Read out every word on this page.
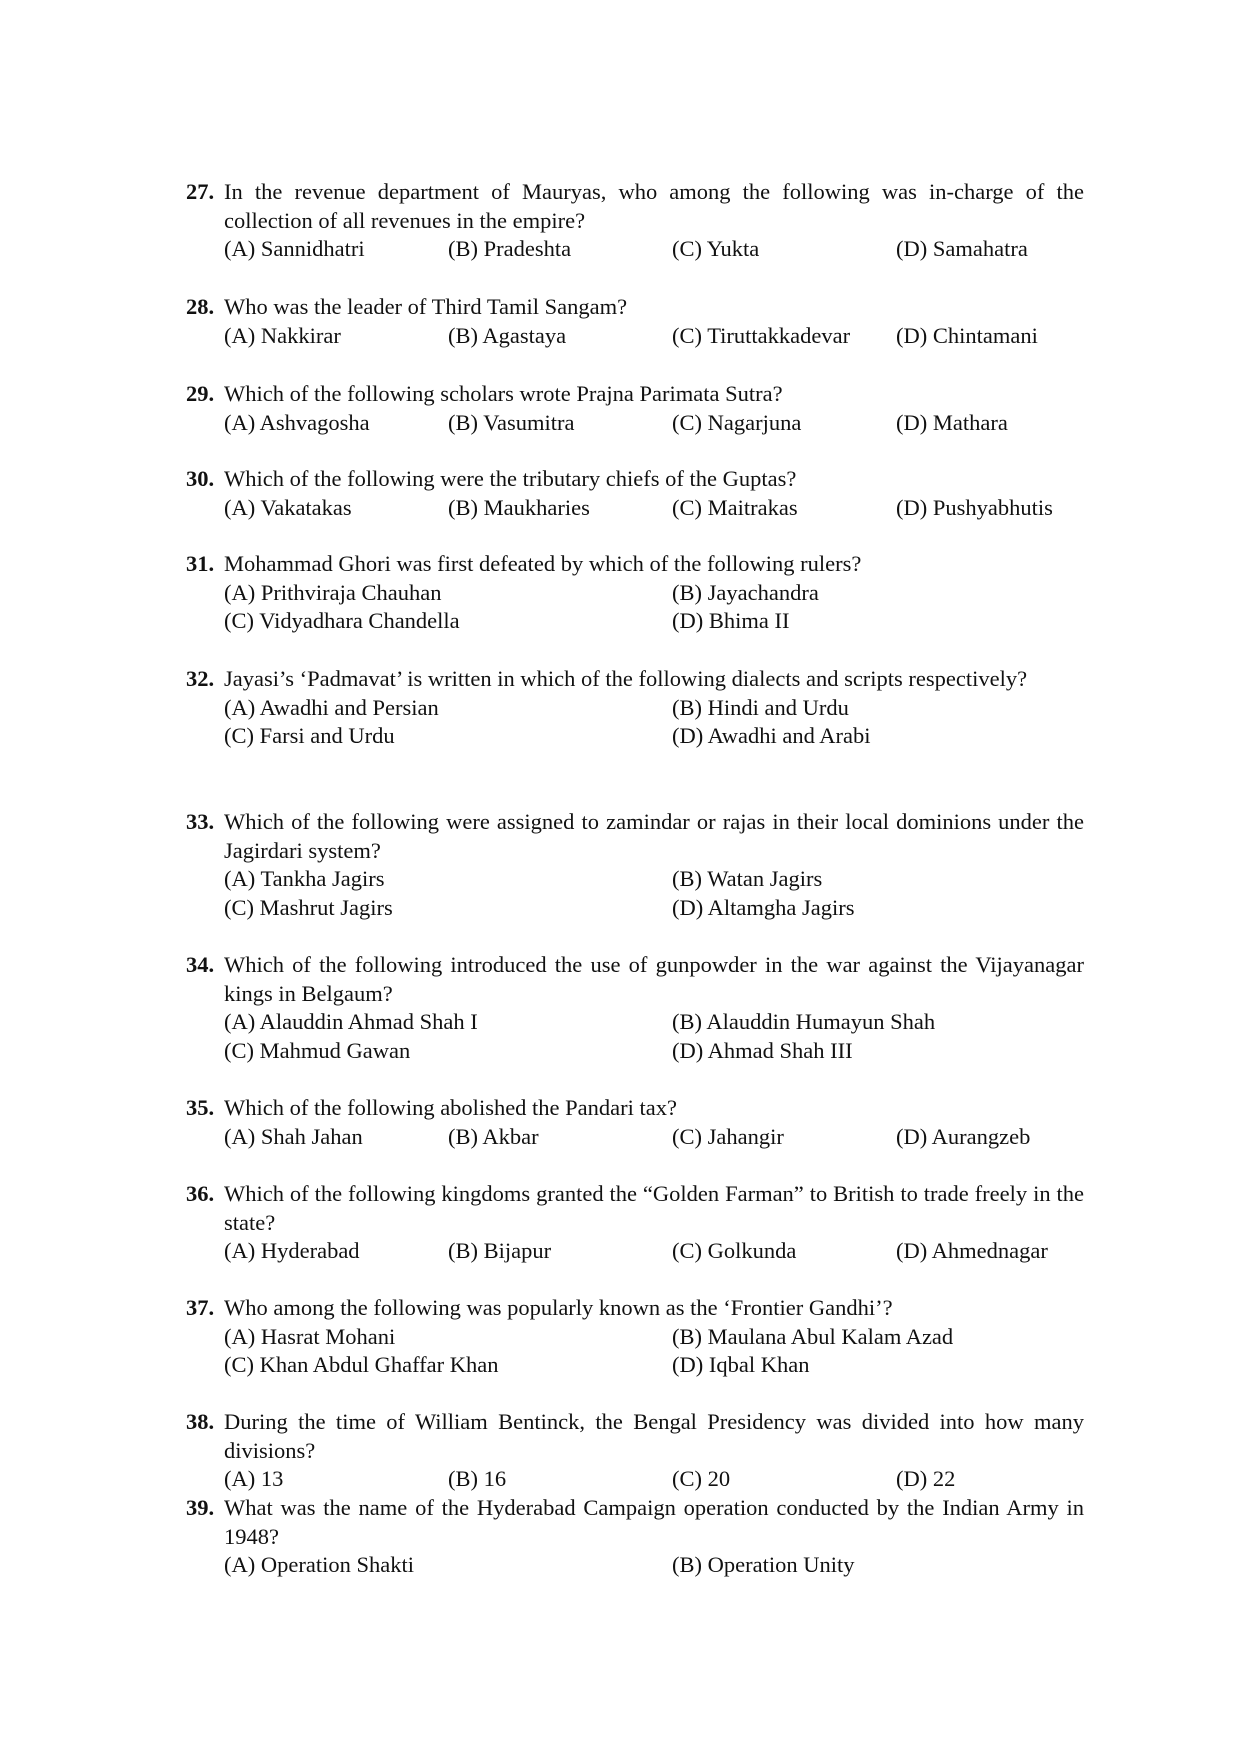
27. In the revenue department of Mauryas, who among the following was in-charge of the collection of all revenues in the empire?
(A) Sannidhatri	(B) Pradeshta	(C) Yukta	(D) Samahatra
28. Who was the leader of Third Tamil Sangam?
(A) Nakkirar	(B) Agastaya	(C) Tiruttakkadevar	(D) Chintamani
29. Which of the following scholars wrote Prajna Parimata Sutra?
(A) Ashvagosha	(B) Vasumitra	(C) Nagarjuna	(D) Mathara
30. Which of the following were the tributary chiefs of the Guptas?
(A) Vakatakas	(B) Maukharies	(C) Maitrakas	(D) Pushyabhutis
31. Mohammad Ghori was first defeated by which of the following rulers?
(A) Prithviraja Chauhan	(B) Jayachandra
(C) Vidyadhara Chandella	(D) Bhima II
32. Jayasi’s ‘Padmavat’ is written in which of the following dialects and scripts respectively?
(A) Awadhi and Persian	(B) Hindi and Urdu
(C) Farsi and Urdu	(D) Awadhi and Arabi
33. Which of the following were assigned to zamindar or rajas in their local dominions under the Jagirdari system?
(A) Tankha Jagirs	(B) Watan Jagirs
(C) Mashrut Jagirs	(D) Altamgha Jagirs
34. Which of the following introduced the use of gunpowder in the war against the Vijayanagar kings in Belgaum?
(A) Alauddin Ahmad Shah I	(B) Alauddin Humayun Shah
(C) Mahmud Gawan	(D) Ahmad Shah III
35. Which of the following abolished the Pandari tax?
(A) Shah Jahan	(B) Akbar	(C) Jahangir	(D) Aurangzeb
36. Which of the following kingdoms granted the “Golden Farman” to British to trade freely in the state?
(A) Hyderabad	(B) Bijapur	(C) Golkunda	(D) Ahmednagar
37. Who among the following was popularly known as the ‘Frontier Gandhi’?
(A) Hasrat Mohani	(B) Maulana Abul Kalam Azad
(C) Khan Abdul Ghaffar Khan	(D) Iqbal Khan
38. During the time of William Bentinck, the Bengal Presidency was divided into how many divisions?
(A) 13	(B) 16	(C) 20	(D) 22
39. What was the name of the Hyderabad Campaign operation conducted by the Indian Army in 1948?
(A) Operation Shakti	(B) Operation Unity
